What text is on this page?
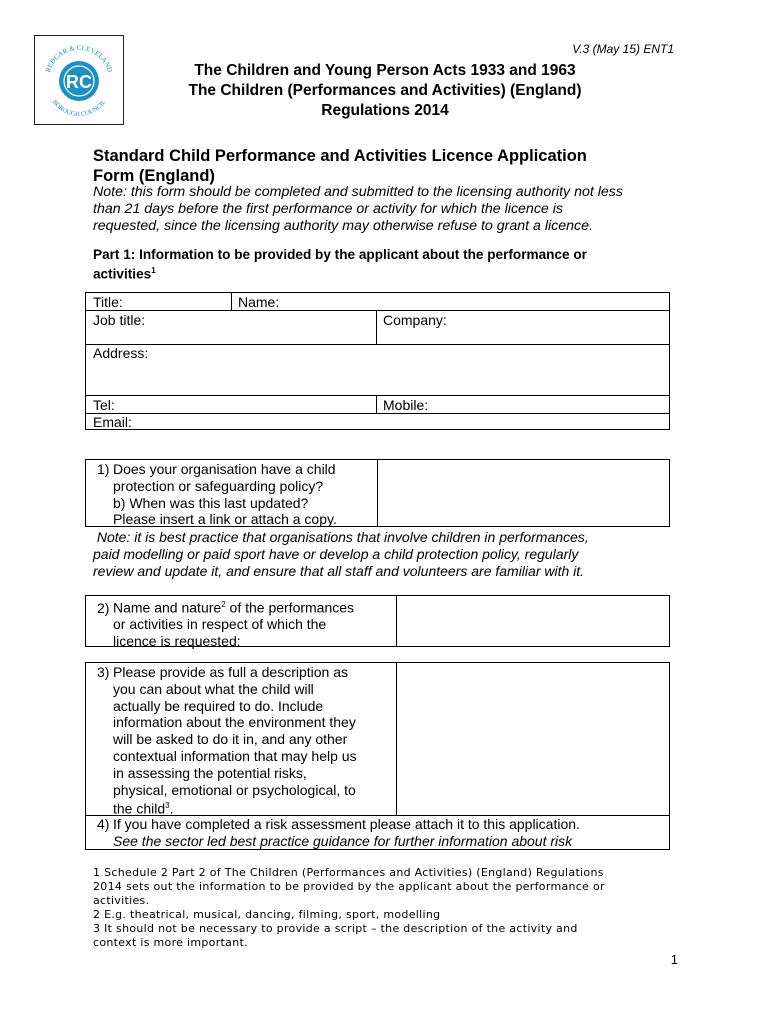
REDCAR & CLEVELAND
BOROUGH COUNCIL
RC
V.3 (May 15) ENT1
The Children and Young Person Acts 1933 and 1963
The Children (Performances and Activities) (England)
Regulations 2014
Standard Child Performance and Activities Licence Application
Form (England)
Note: this form should be completed and submitted to the licensing authority not less
than 21 days before the first performance or activity for which the licence is
requested, since the licensing authority may otherwise refuse to grant a licence.
Part 1: Information to be provided by the applicant about the performance or
activities$^1$
Title:	Name:
Job title:	Company:
Address:
Tel:	Mobile:
Email:
1) Does your organisation have a child
protection or safeguarding policy?
b) When was this last updated?
Please insert a link or attach a copy.
Note: it is best practice that organisations that involve children in performances,
paid modelling or paid sport have or develop a child protection policy, regularly
review and update it, and ensure that all staff and volunteers are familiar with it.
2) Name and nature$^2$ of the performances
or activities in respect of which the
licence is requested:
3) Please provide as full a description as
you can about what the child will
actually be required to do. Include
information about the environment they
will be asked to do it in, and any other
contextual information that may help us
in assessing the potential risks,
physical, emotional or psychological, to
the child$^3$.
4) If you have completed a risk assessment please attach it to this application.
See the sector led best practice guidance for further information about risk
1 Schedule 2 Part 2 of The Children (Performances and Activities) (England) Regulations
2014 sets out the information to be provided by the applicant about the performance or
activities.
2 E.g. theatrical, musical, dancing, filming, sport, modelling
3 It should not be necessary to provide a script – the description of the activity and
context is more important.
1
